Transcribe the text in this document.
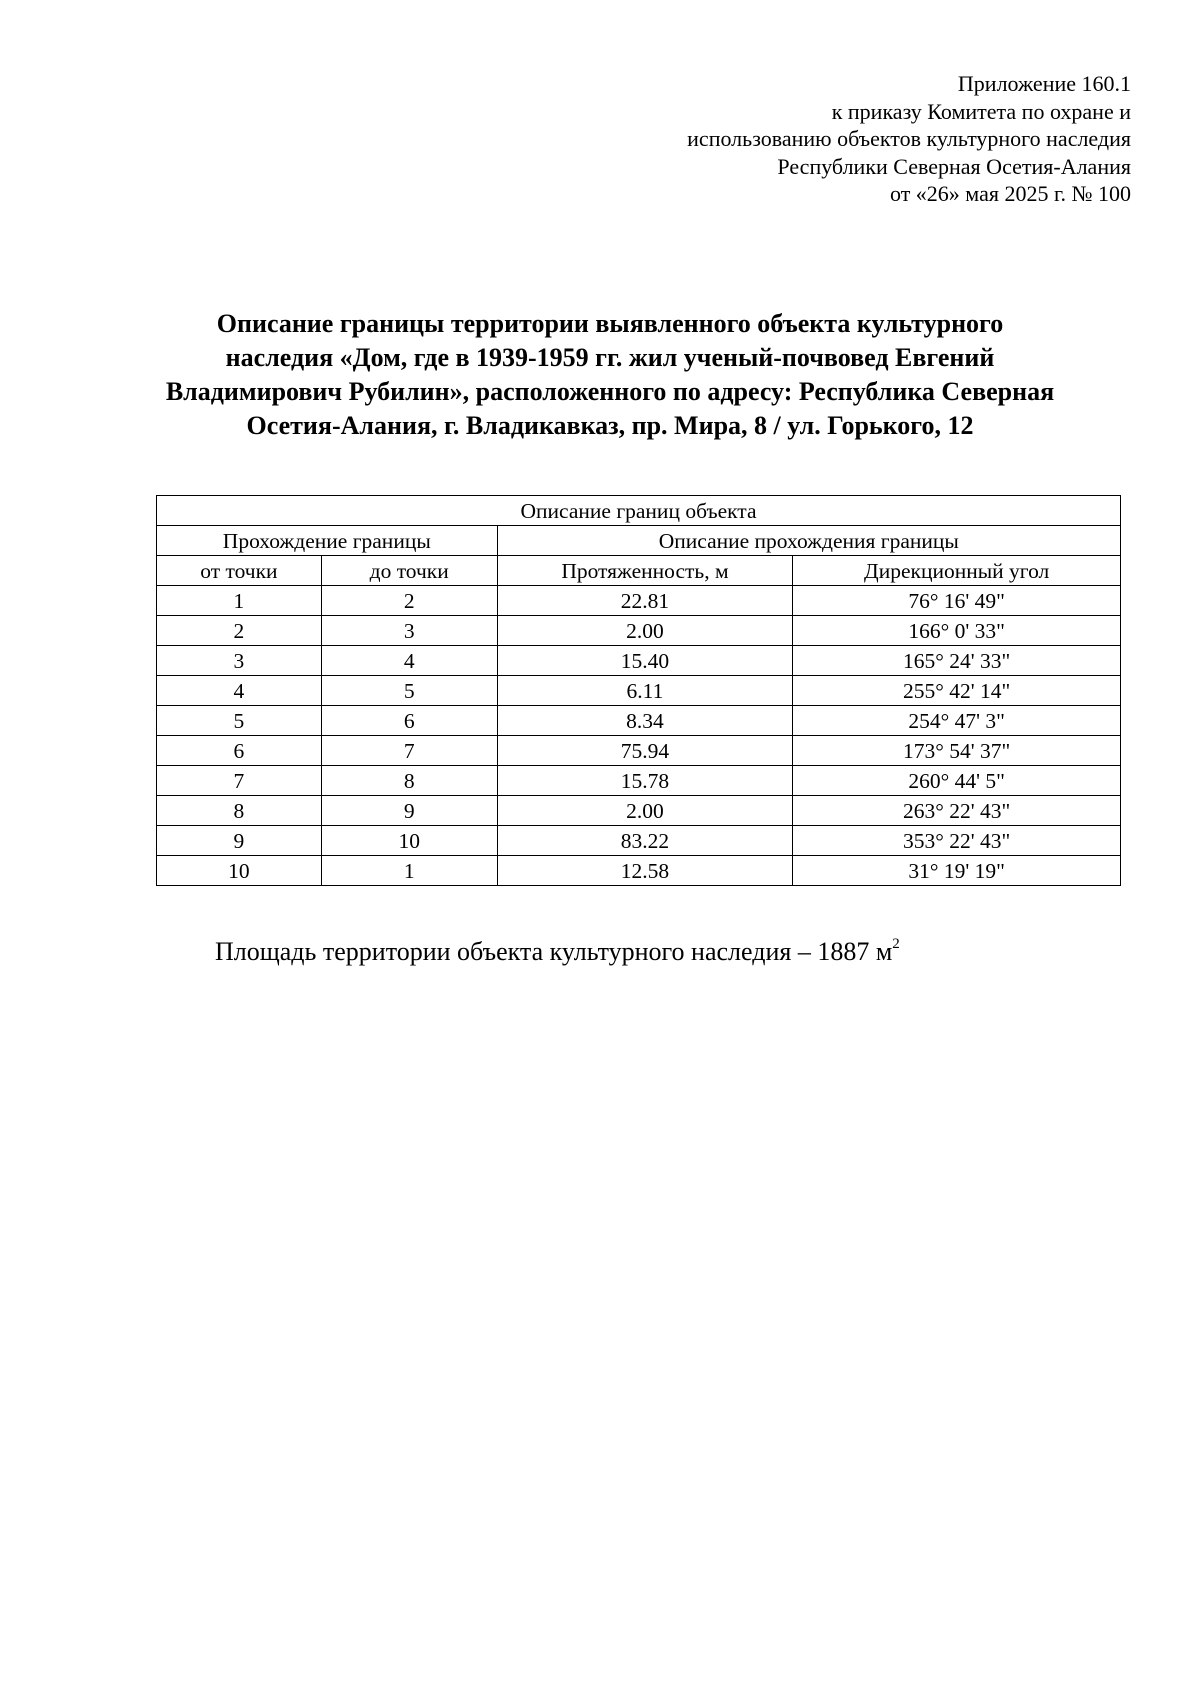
Приложение 160.1
к приказу Комитета по охране и
использованию объектов культурного наследия
Республики Северная Осетия-Алания
от «26» мая 2025 г. № 100
Описание границы территории выявленного объекта культурного
наследия «Дом, где в 1939-1959 гг. жил ученый-почвовед Евгений
Владимирович Рубилин», расположенного по адресу: Республика Северная
Осетия-Алания, г. Владикавказ, пр. Мира, 8 / ул. Горького, 12
Описание границ объекта			
Прохождение границы		Описание прохождения границы	
от точки	до точки	Протяженность, м	Дирекционный угол
1	2	22.81	76° 16' 49"
2	3	2.00	166° 0' 33"
3	4	15.40	165° 24' 33"
4	5	6.11	255° 42' 14"
5	6	8.34	254° 47' 3"
6	7	75.94	173° 54' 37"
7	8	15.78	260° 44' 5"
8	9	2.00	263° 22' 43"
9	10	83.22	353° 22' 43"
10	1	12.58	31° 19' 19"
Площадь территории объекта культурного наследия – 1887 $м^2$
